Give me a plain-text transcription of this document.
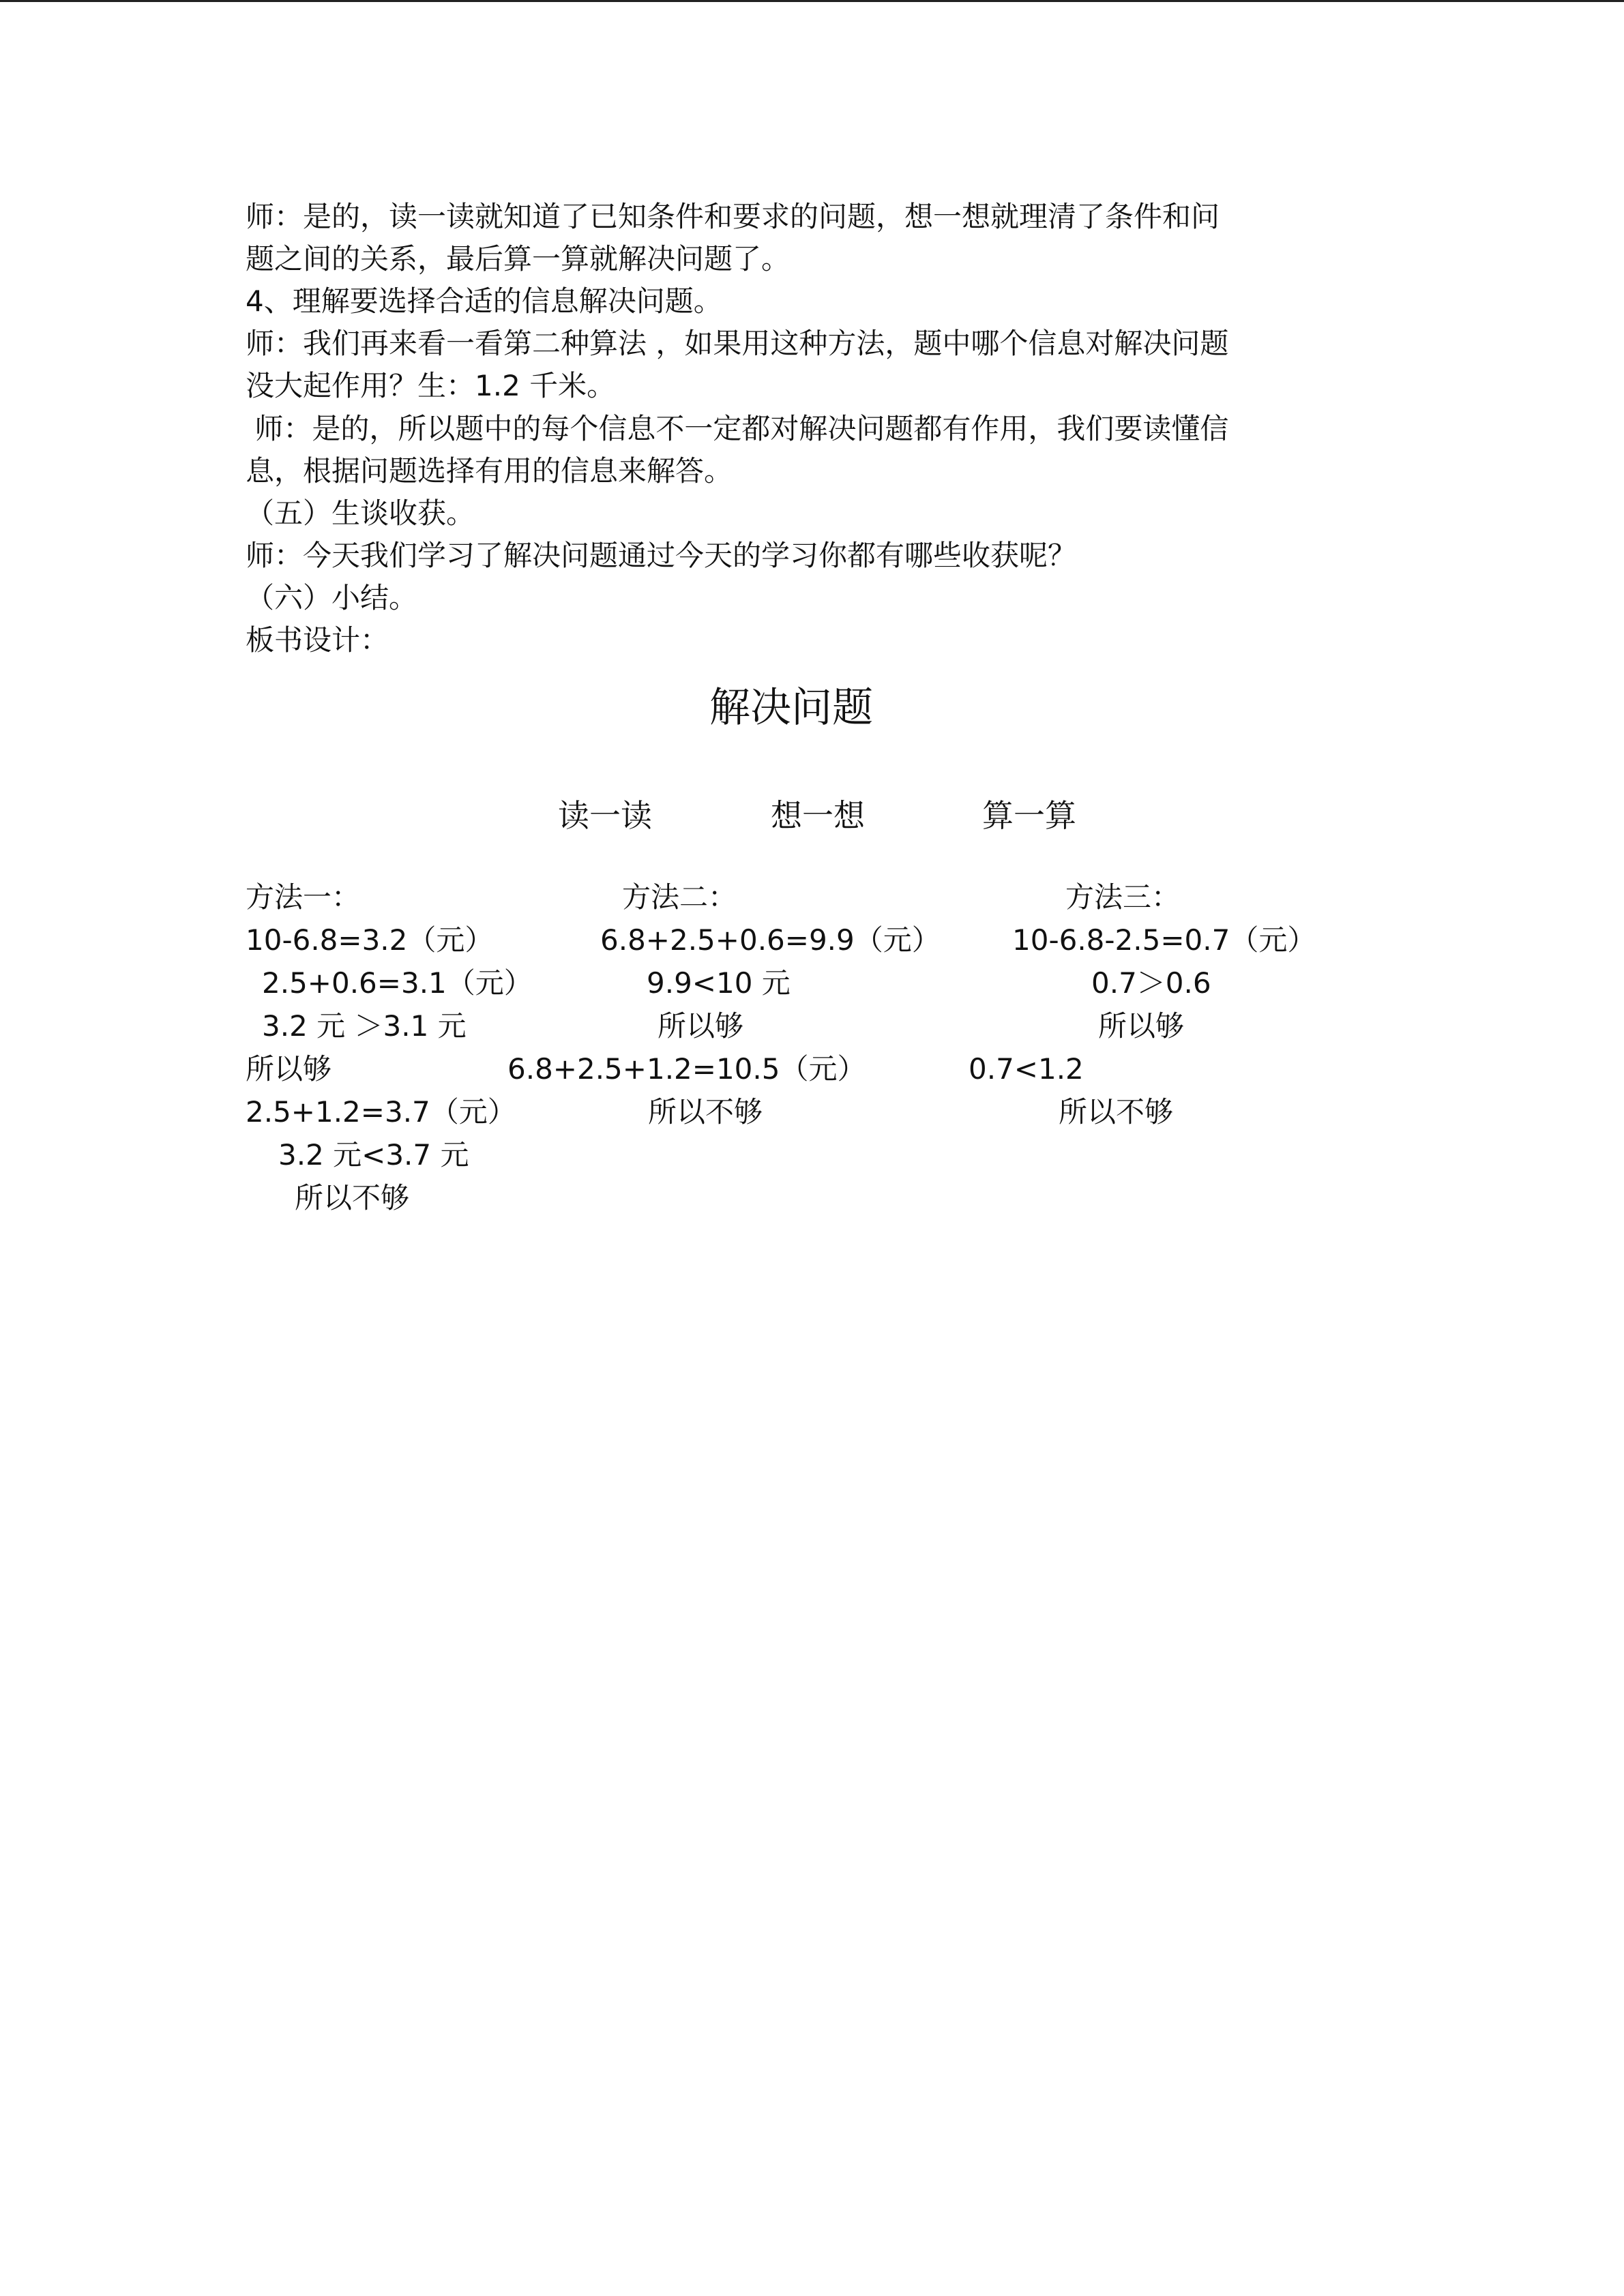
师：是的，读一读就知道了已知条件和要求的问题，想一想就理清了条件和问

题之间的关系，最后算一算就解决问题了。

4、理解要选择合适的信息解决问题。

师：我们再来看一看第二种算法 ，如果用这种方法，题中哪个信息对解决问题

没大起作用？生：1.2 千米。

师：是的，所以题中的每个信息不一定都对解决问题都有作用，我们要读懂信

息，根据问题选择有用的信息来解答。

（五）生谈收获。

师：今天我们学习了解决问题通过今天的学习你都有哪些收获呢？

（六）小结。

板书设计：

解决问题
读一读	想一想	算一算
方法一：
10-6.8=3.2（元）
2.5+0.6=3.1（元）
3.2 元 ＞3.1 元
所以够
2.5+1.2=3.7（元）
3.2 元<3.7 元
所以不够
方法二：
6.8+2.5+0.6=9.9（元）
9.9<10 元
所以够
6.8+2.5+1.2=10.5（元）
所以不够
方法三：
10-6.8-2.5=0.7（元）
0.7＞0.6
所以够
0.7<1.2
所以不够
